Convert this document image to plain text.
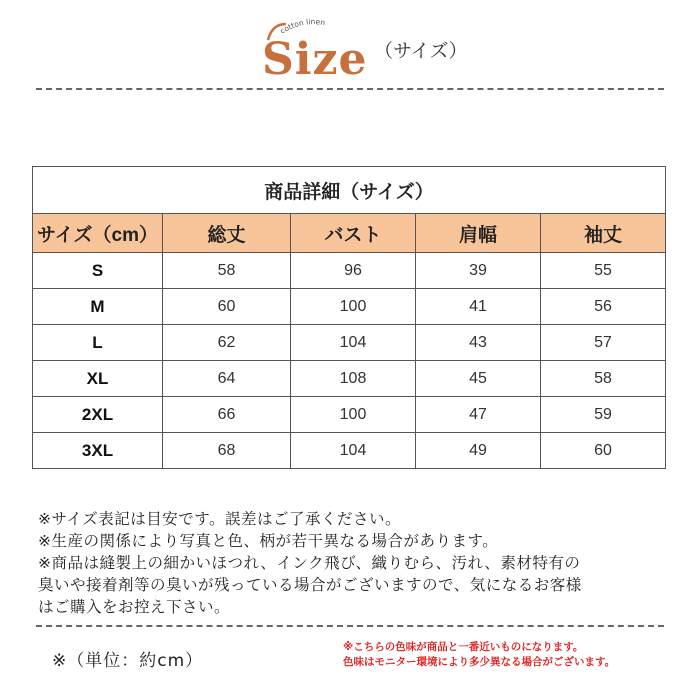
cotton linen
Size （サイズ）
商品詳細（サイズ）				
サイズ（cm）	総丈	バスト	肩幅	袖丈
S	58	96	39	55
M	60	100	41	56
L	62	104	43	57
XL	64	108	45	58
2XL	66	100	47	59
3XL	68	104	49	60
※サイズ表記は目安です。誤差はご了承ください。
※生産の関係により写真と色、柄が若干異なる場合があります。
※商品は縫製上の細かいほつれ、インク飛び、織りむら、汚れ、素材特有の
臭いや接着剤等の臭いが残っている場合がございますので、気になるお客様
はご購入をお控え下さい。
※（単位：約cm）
※こちらの色味が商品と一番近いものになります。
色味はモニター環境により多少異なる場合がございます。
